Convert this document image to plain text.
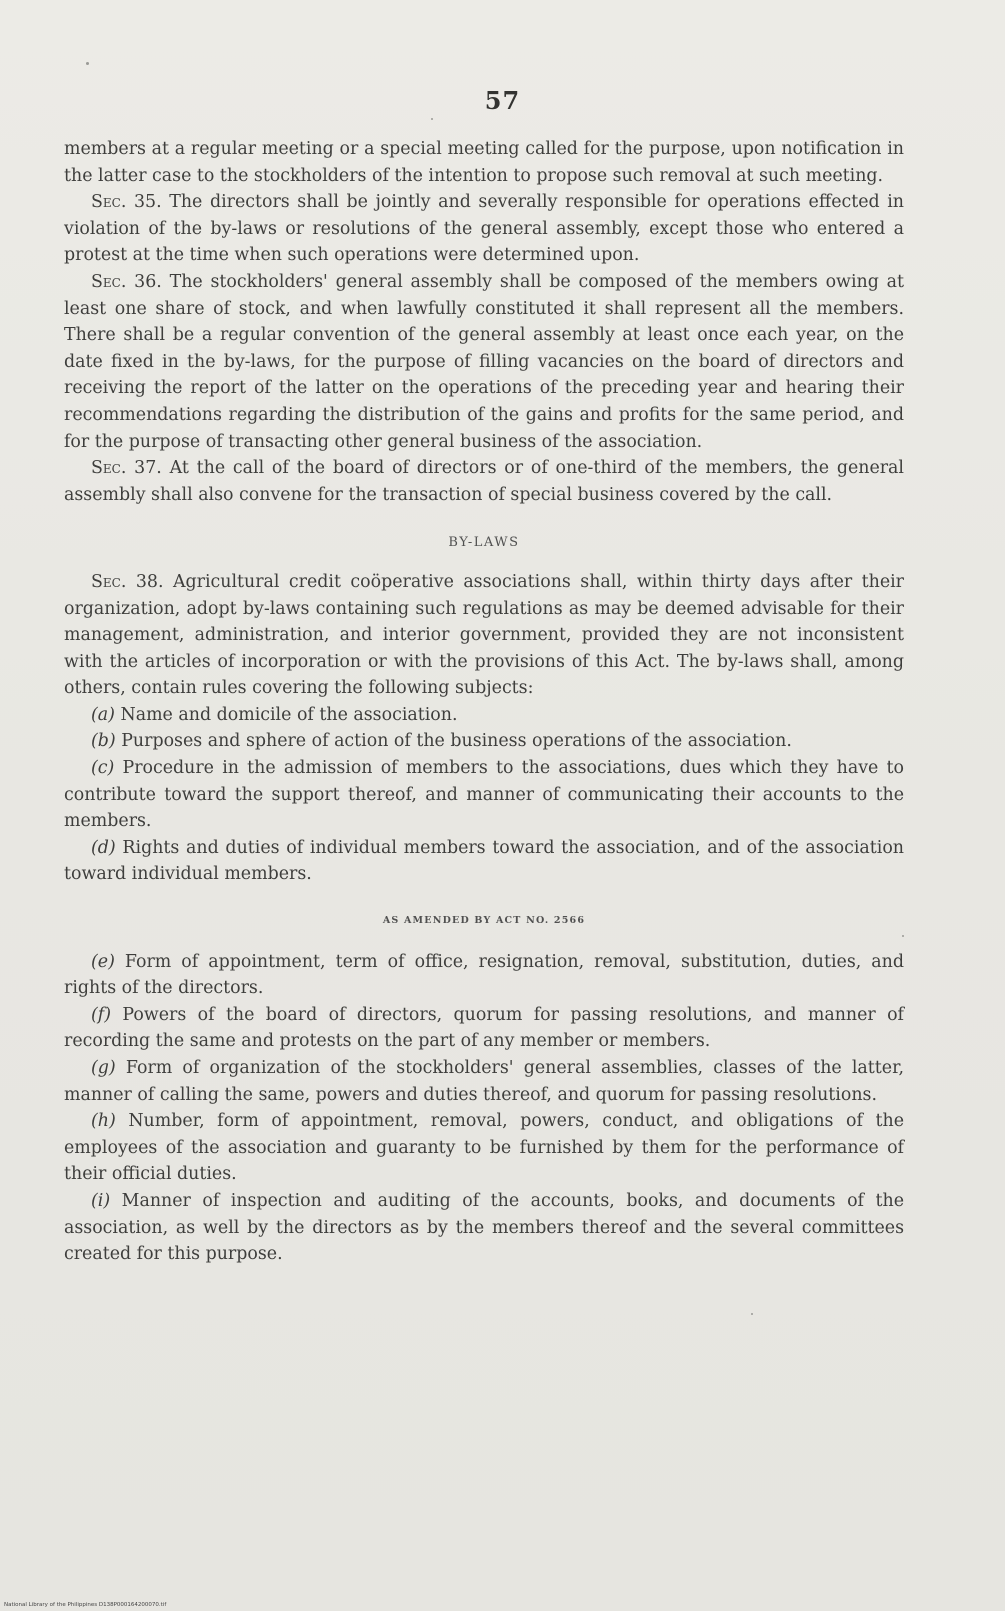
57

members at a regular meeting or a special meeting called for the purpose, upon notification in the latter case to the stockholders of the intention to propose such removal at such meeting.

Sec. 35. The directors shall be jointly and severally responsible for operations effected in violation of the by-laws or resolutions of the general assembly, except those who entered a protest at the time when such operations were determined upon.

Sec. 36. The stockholders' general assembly shall be composed of the members owing at least one share of stock, and when lawfully constituted it shall represent all the members. There shall be a regular convention of the general assembly at least once each year, on the date fixed in the by-laws, for the purpose of filling vacancies on the board of directors and receiving the report of the latter on the operations of the preceding year and hearing their recommendations regarding the distribution of the gains and profits for the same period, and for the purpose of transacting other general business of the association.

Sec. 37. At the call of the board of directors or of one-third of the members, the general assembly shall also convene for the transaction of special business covered by the call.

BY-LAWS

Sec. 38. Agricultural credit coöperative associations shall, within thirty days after their organization, adopt by-laws containing such regulations as may be deemed advisable for their management, administration, and interior government, provided they are not inconsistent with the articles of incorporation or with the provisions of this Act. The by-laws shall, among others, contain rules covering the following subjects:

(a) Name and domicile of the association.

(b) Purposes and sphere of action of the business operations of the association.

(c) Procedure in the admission of members to the associations, dues which they have to contribute toward the support thereof, and manner of communicating their accounts to the members.

(d) Rights and duties of individual members toward the association, and of the association toward individual members.

AS AMENDED BY ACT NO. 2566

(e) Form of appointment, term of office, resignation, removal, substitution, duties, and rights of the directors.

(f) Powers of the board of directors, quorum for passing resolutions, and manner of recording the same and protests on the part of any member or members.

(g) Form of organization of the stockholders' general assemblies, classes of the latter, manner of calling the same, powers and duties thereof, and quorum for passing resolutions.

(h) Number, form of appointment, removal, powers, conduct, and obligations of the employees of the association and guaranty to be furnished by them for the performance of their official duties.

(i) Manner of inspection and auditing of the accounts, books, and documents of the association, as well by the directors as by the members thereof and the several committees created for this purpose.

National Library of the Philippines D138P000164200070.tif
